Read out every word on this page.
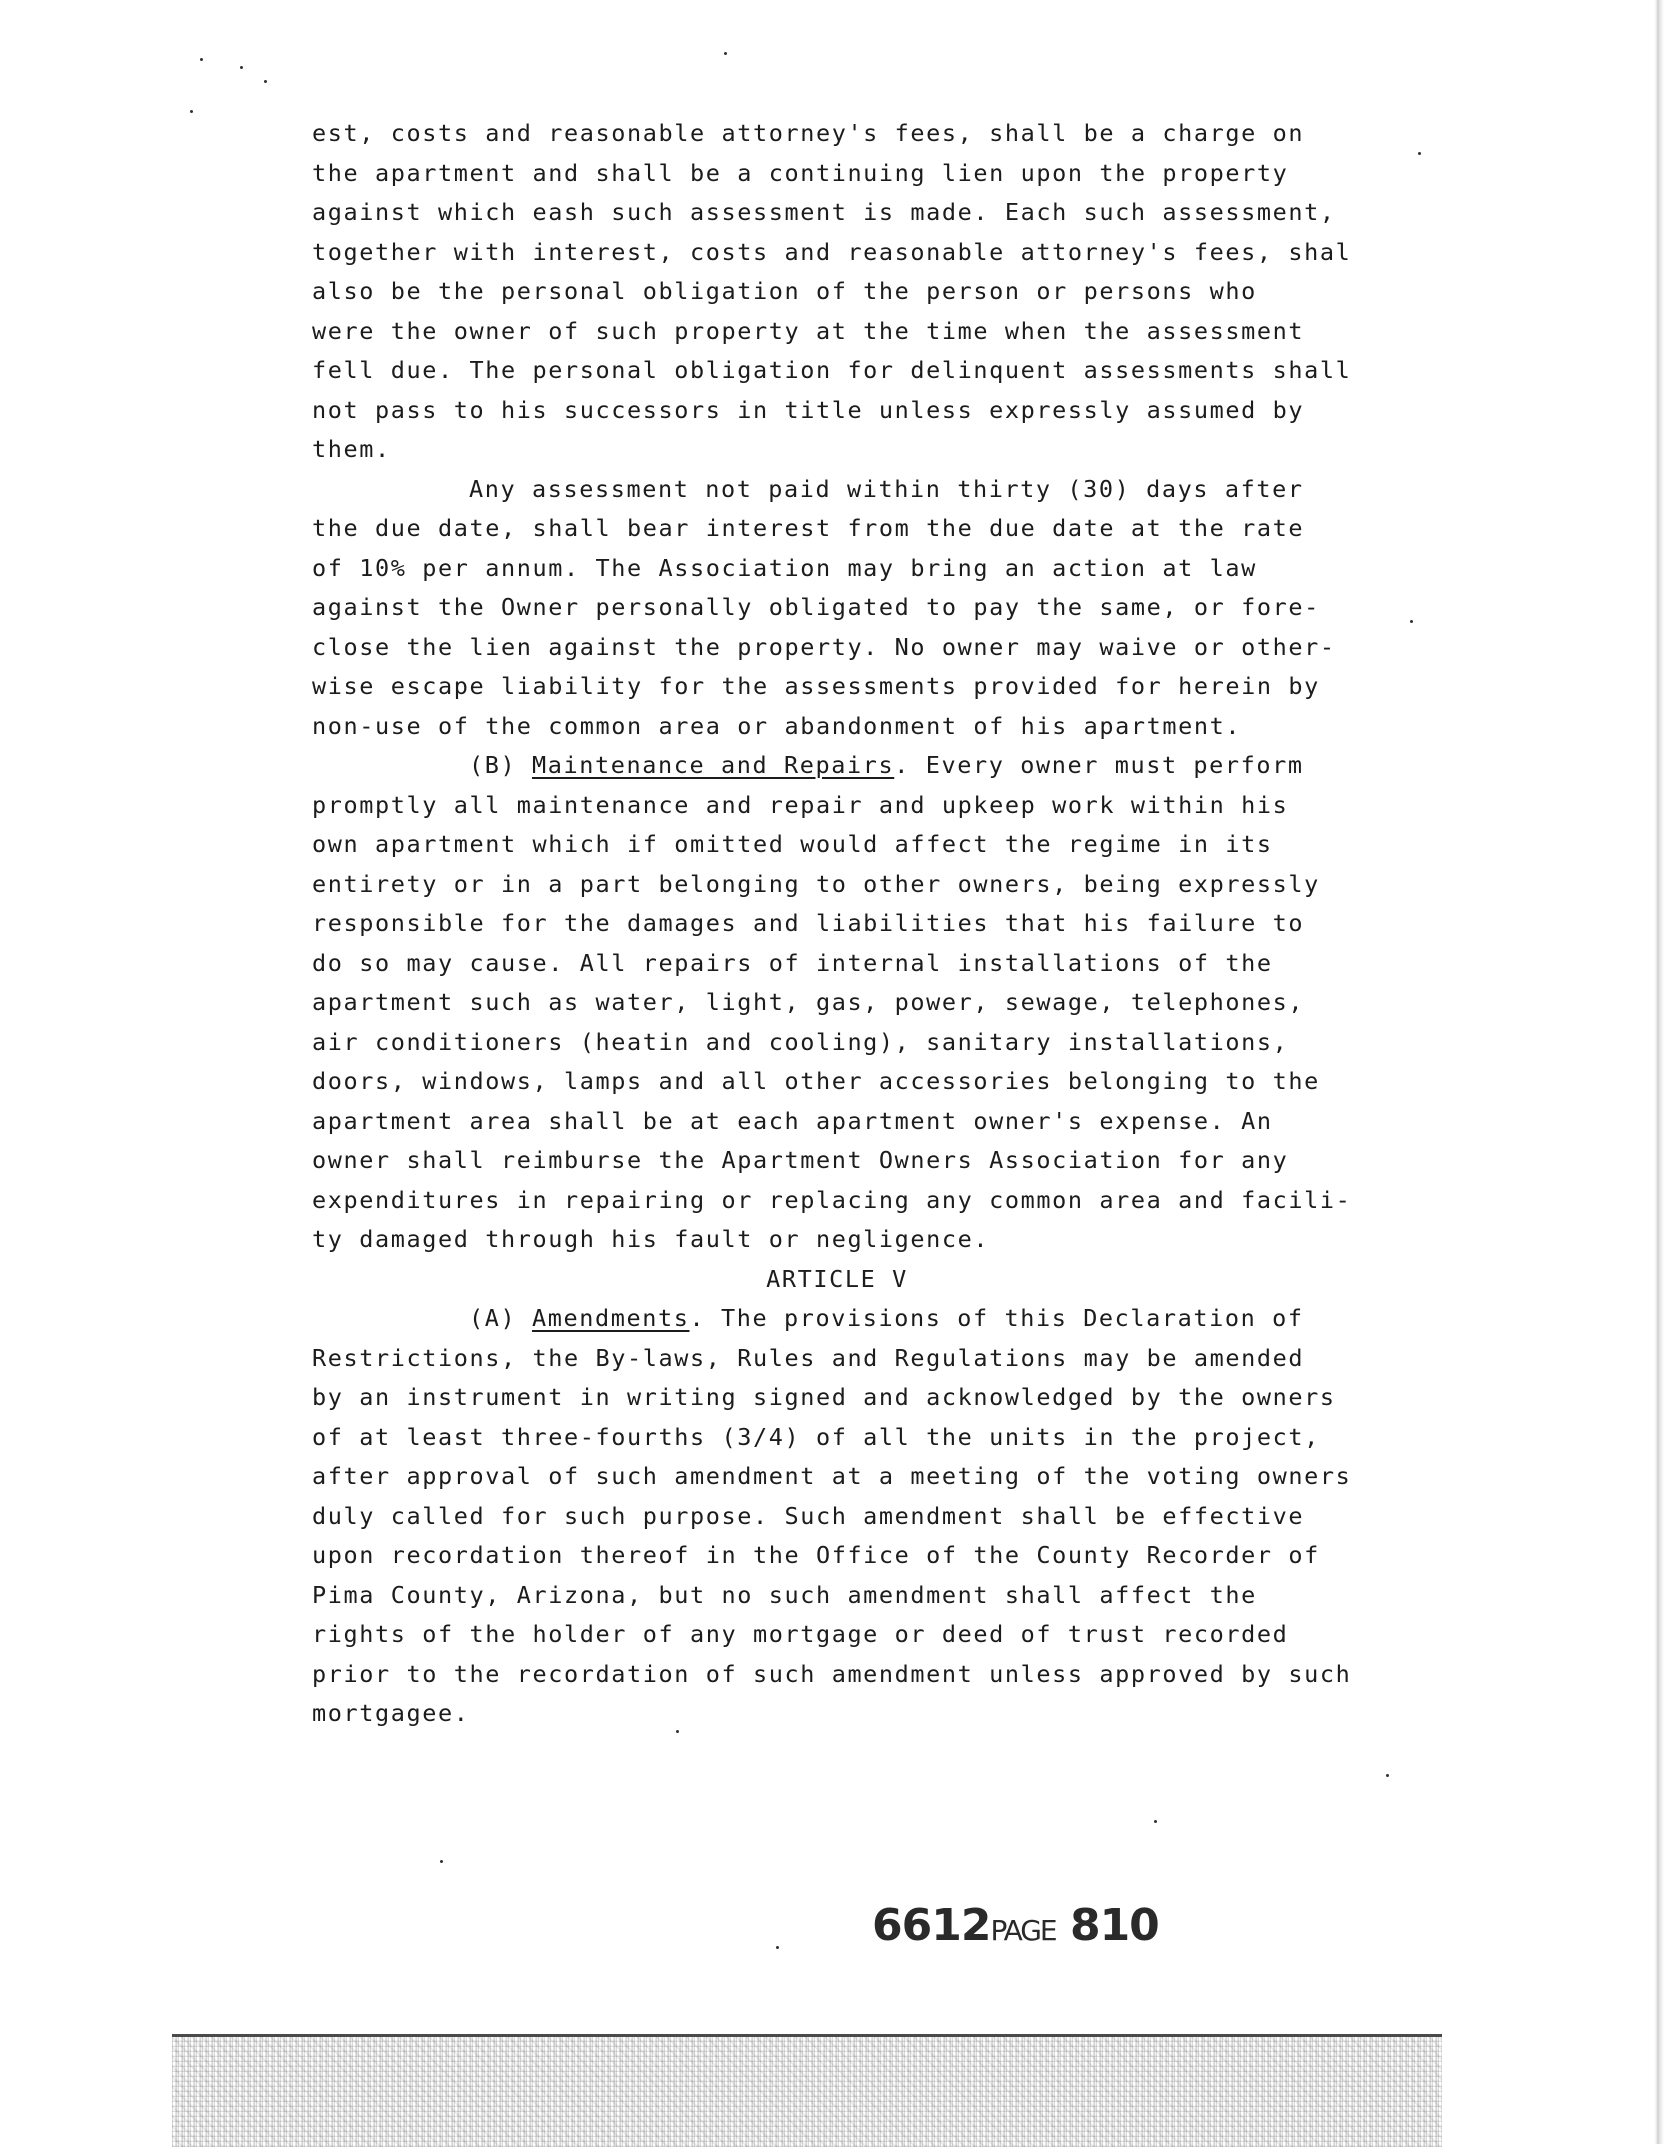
est, costs and reasonable attorney's fees, shall be a charge on
the apartment and shall be a continuing lien upon the property
against which eash such assessment is made. Each such assessment,
together with interest, costs and reasonable attorney's fees, shal
also be the personal obligation of the person or persons who
were the owner of such property at the time when the assessment
fell due. The personal obligation for delinquent assessments shall
not pass to his successors in title unless expressly assumed by
them.
Any assessment not paid within thirty (30) days after
the due date, shall bear interest from the due date at the rate
of 10% per annum. The Association may bring an action at law
against the Owner personally obligated to pay the same, or fore-
close the lien against the property. No owner may waive or other-
wise escape liability for the assessments provided for herein by
non-use of the common area or abandonment of his apartment.
(B) Maintenance and Repairs. Every owner must perform
promptly all maintenance and repair and upkeep work within his
own apartment which if omitted would affect the regime in its
entirety or in a part belonging to other owners, being expressly
responsible for the damages and liabilities that his failure to
do so may cause. All repairs of internal installations of the
apartment such as water, light, gas, power, sewage, telephones,
air conditioners (heatin and cooling), sanitary installations,
doors, windows, lamps and all other accessories belonging to the
apartment area shall be at each apartment owner's expense. An
owner shall reimburse the Apartment Owners Association for any
expenditures in repairing or replacing any common area and facili-
ty damaged through his fault or negligence.
ARTICLE V
(A) Amendments. The provisions of this Declaration of
Restrictions, the By-laws, Rules and Regulations may be amended
by an instrument in writing signed and acknowledged by the owners
of at least three-fourths (3/4) of all the units in the project,
after approval of such amendment at a meeting of the voting owners
duly called for such purpose. Such amendment shall be effective
upon recordation thereof in the Office of the County Recorder of
Pima County, Arizona, but no such amendment shall affect the
rights of the holder of any mortgage or deed of trust recorded
prior to the recordation of such amendment unless approved by such
mortgagee.
6612PAGE 810
